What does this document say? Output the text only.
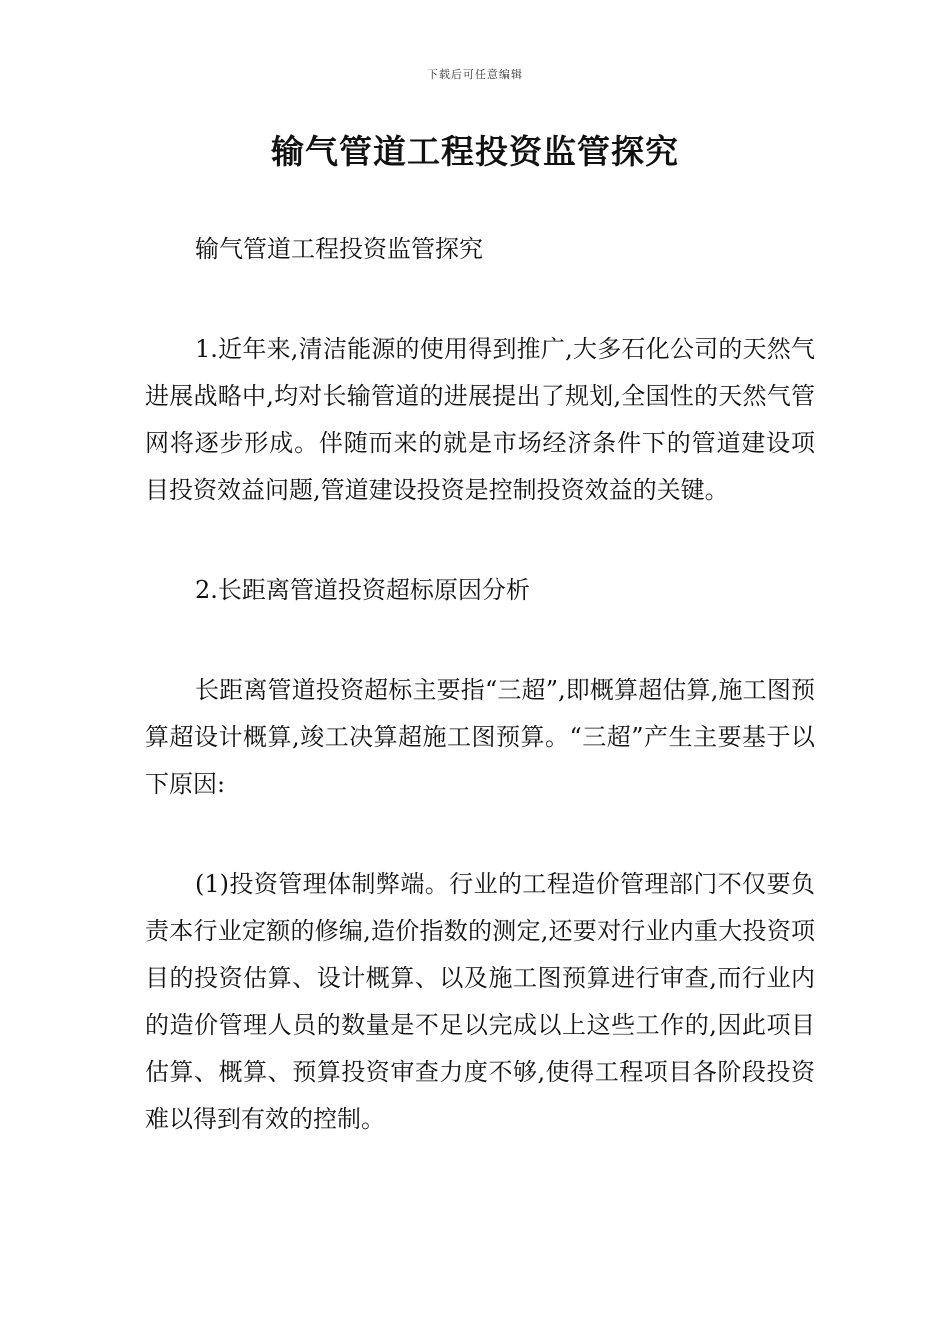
下载后可任意编辑
输气管道工程投资监管探究

输气管道工程投资监管探究

1.近年来,清洁能源的使用得到推广,大多石化公司的天然气进展战略中,均对长输管道的进展提出了规划,全国性的天然气管网将逐步形成。伴随而来的就是市场经济条件下的管道建设项目投资效益问题,管道建设投资是控制投资效益的关键。

2.长距离管道投资超标原因分析

长距离管道投资超标主要指“三超”,即概算超估算,施工图预算超设计概算,竣工决算超施工图预算。“三超”产生主要基于以下原因:

(1)投资管理体制弊端。行业的工程造价管理部门不仅要负责本行业定额的修编,造价指数的测定,还要对行业内重大投资项目的投资估算、设计概算、以及施工图预算进行审查,而行业内的造价管理人员的数量是不足以完成以上这些工作的,因此项目估算、概算、预算投资审查力度不够,使得工程项目各阶段投资难以得到有效的控制。
